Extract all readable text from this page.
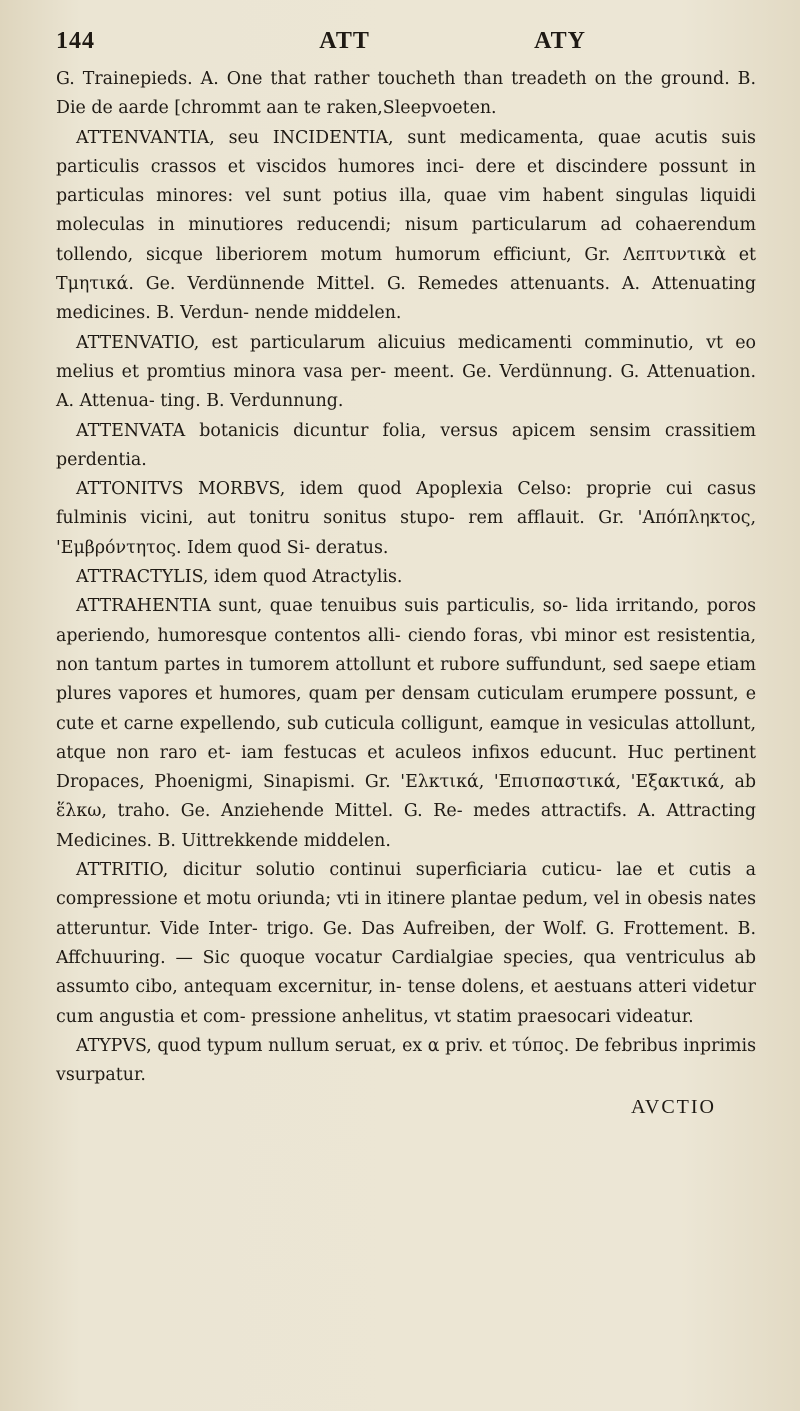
144	ATT	ATY

G. Trainepieds. A. One that rather toucheth than treadeth on the ground. B. Die de aarde [chrommt aan te raken,Sleepvoeten.

ATTENVANTIA, seu INCIDENTIA, sunt medicamenta, quae acutis suis particulis crassos et viscidos humores inci- dere et discindere possunt in particulas minores: vel sunt potius illa, quae vim habent singulas liquidi moleculas in minutiores reducendi; nisum particularum ad cohaerendum tollendo, sicque liberiorem motum humorum efficiunt, Gr. Λεπτυντικὰ et Τμητικά. Ge. Verdünnende Mittel. G. Remedes attenuants. A. Attenuating medicines. B. Verdun- nende middelen.

ATTENVATIO, est particularum alicuius medicamenti comminutio, vt eo melius et promtius minora vasa per- meent. Ge. Verdünnung. G. Attenuation. A. Attenua- ting. B. Verdunnung.

ATTENVATA botanicis dicuntur folia, versus apicem sensim crassitiem perdentia.

ATTONITVS MORBVS, idem quod Apoplexia Celso: proprie cui casus fulminis vicini, aut tonitru sonitus stupo- rem afflauit. Gr. 'Απόπληκτος, 'Εμβρόντητος. Idem quod Si- deratus.

ATTRACTYLIS, idem quod Atractylis.

ATTRAHENTIA sunt, quae tenuibus suis particulis, so- lida irritando, poros aperiendo, humoresque contentos alli- ciendo foras, vbi minor est resistentia, non tantum partes in tumorem attollunt et rubore suffundunt, sed saepe etiam plures vapores et humores, quam per densam cuticulam erumpere possunt, e cute et carne expellendo, sub cuticula colligunt, eamque in vesiculas attollunt, atque non raro et- iam festucas et aculeos infixos educunt. Huc pertinent Dropaces, Phoenigmi, Sinapismi. Gr. 'Ελκτικά, 'Επισπαστικά, 'Εξακτικά, ab ἕλκω, traho. Ge. Anziehende Mittel. G. Re- medes attractifs. A. Attracting Medicines. B. Uittrekkende middelen.

ATTRITIO, dicitur solutio continui superficiaria cuticu- lae et cutis a compressione et motu oriunda; vti in itinere plantae pedum, vel in obesis nates atteruntur. Vide Inter- trigo. Ge. Das Aufreiben, der Wolf. G. Frottement. B. Affchuuring. — Sic quoque vocatur Cardialgiae species, qua ventriculus ab assumto cibo, antequam excernitur, in- tense dolens, et aestuans atteri videtur cum angustia et com- pressione anhelitus, vt statim praesocari videatur.

ATYPVS, quod typum nullum seruat, ex α priv. et τύπος. De febribus inprimis vsurpatur.

AVCTIO
